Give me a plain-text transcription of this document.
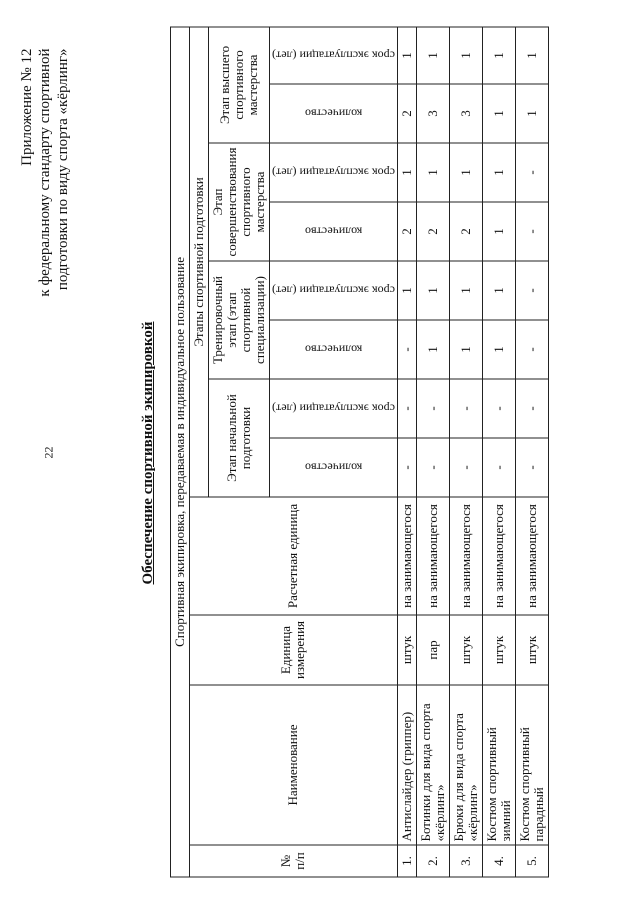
22
Приложение № 12 к федеральному стандарту спортивной подготовки по виду спорта «кёрлинг»
Обеспечение спортивной экипировкой Спортивная экипировка, передаваемая в индивидуальное пользование											
№ п/п	Наименование	Единица измерения	Расчетная единица	Этапы спортивной подготовки							
				Этап начальной подготовки		Тренировочный этап (этап спортивной специализации)		Этап совершенствования спортивного мастерства		Этап высшего спортивного мастерства	

				количество	срок эксплуатации (лет)	количество	срок эксплуатации (лет)	количество	срок эксплуатации (лет)	количество	срок эксплуатации (лет)

1.	Антислайдер (гриппер)	штук	на занимающегося	-	-	-	1	2	1	2	1
2.	Ботинки для вида спорта «кёрлинг»	пар	на занимающегося	-	-	1	1	2	1	3	1
3.	Брюки для вида спорта «кёрлинг»	штук	на занимающегося	-	-	1	1	2	1	3	1
4.	Костюм спортивный зимний	штук	на занимающегося	-	-	1	1	1	1	1	1
5.	Костюм спортивный парадный	штук	на занимающегося	-	-	-	-	-	-	1	1
